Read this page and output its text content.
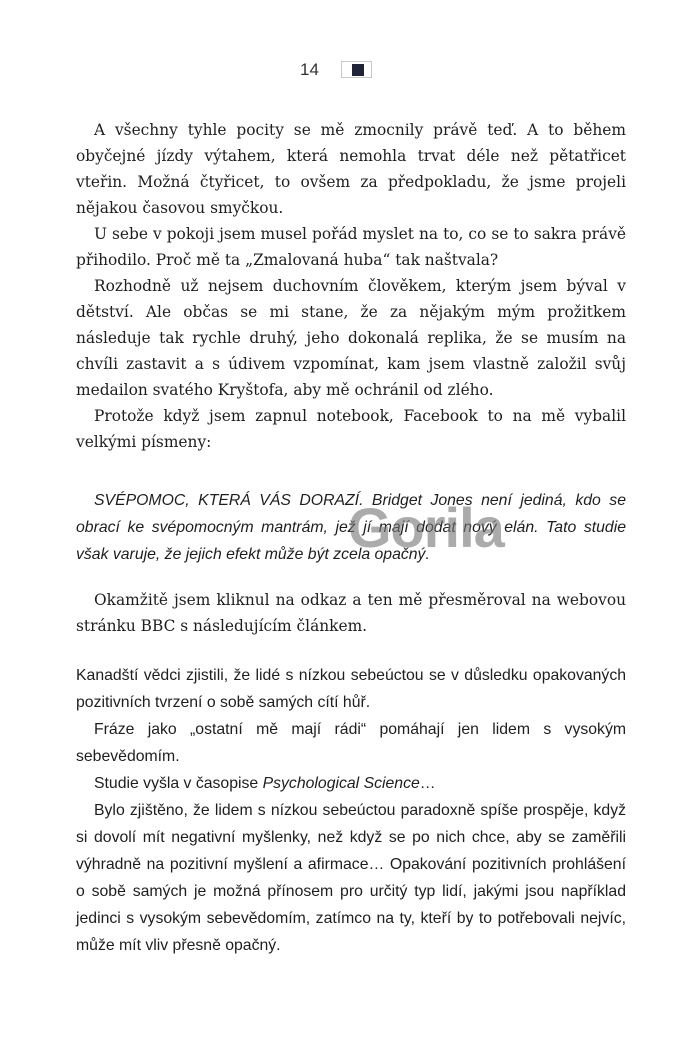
14

A všechny tyhle pocity se mě zmocnily právě teď. A to během obyčejné jízdy výtahem, která nemohla trvat déle než pětatřicet vteřin. Možná čtyřicet, to ovšem za předpokladu, že jsme projeli nějakou časovou smyčkou.

U sebe v pokoji jsem musel pořád myslet na to, co se to sakra právě přihodilo. Proč mě ta „Zmalovaná huba“ tak naštvala?

Rozhodně už nejsem duchovním člověkem, kterým jsem býval v dětství. Ale občas se mi stane, že za nějakým mým prožitkem následuje tak rychle druhý, jeho dokonalá replika, že se musím na chvíli zastavit a s údivem vzpomínat, kam jsem vlastně založil svůj medailon svatého Kryštofa, aby mě ochránil od zlého.

Protože když jsem zapnul notebook, Facebook to na mě vybalil velkými písmeny:

SVÉPOMOC, KTERÁ VÁS DORAZÍ. Bridget Jones není jediná, kdo se obrací ke svépomocným mantrám, jež jí mají dodat nový elán. Tato studie však varuje, že jejich efekt může být zcela opačný.

Okamžitě jsem kliknul na odkaz a ten mě přesměroval na webovou stránku BBC s následujícím článkem.

Kanadští vědci zjistili, že lidé s nízkou sebeúctou se v důsledku opakovaných pozitivních tvrzení o sobě samých cítí hůř.

Fráze jako „ostatní mě mají rádi“ pomáhají jen lidem s vysokým sebevědomím.

Studie vyšla v časopise Psychological Science…

Bylo zjištěno, že lidem s nízkou sebeúctou paradoxně spíše prospěje, když si dovolí mít negativní myšlenky, než když se po nich chce, aby se zaměřili výhradně na pozitivní myšlení a afirmace… Opakování pozitivních prohlášení o sobě samých je možná přínosem pro určitý typ lidí, jakými jsou například jedinci s vysokým sebevědomím, zatímco na ty, kteří by to potřebovali nejvíc, může mít vliv přesně opačný.

Gorila
